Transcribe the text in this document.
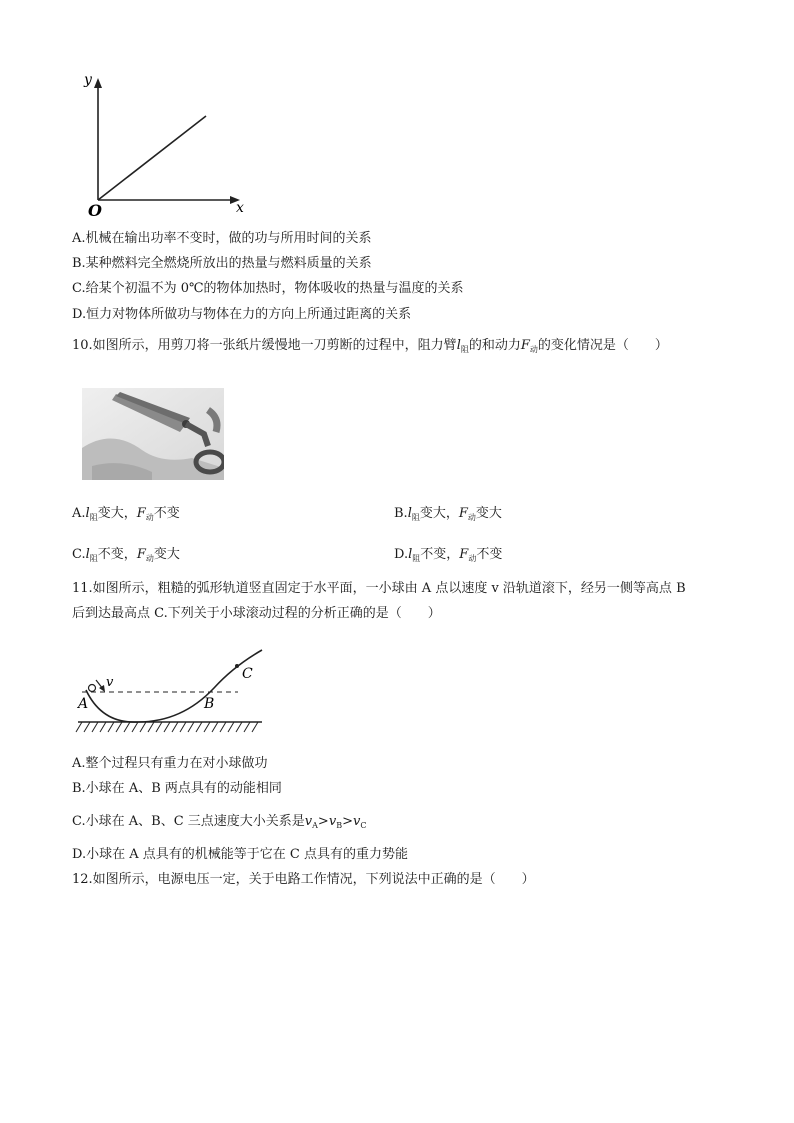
y
x
O
A.机械在输出功率不变时，做的功与所用时间的关系
B.某种燃料完全燃烧所放出的热量与燃料质量的关系
C.给某个初温不为 0℃的物体加热时，物体吸收的热量与温度的关系
D.恒力对物体所做功与物体在力的方向上所通过距离的关系
10.如图所示，用剪刀将一张纸片缓慢地一刀剪断的过程中，阻力臂$l_阻$的和动力$F_动$的变化情况是（　　）
$A.l_阻$变大，$F_动$不变	$B.l_阻$变大，$F_动$变大
$C.l_阻$不变，$F_动$变大	$D.l_阻$不变，$F_动$不变
11.如图所示，粗糙的弧形轨道竖直固定于水平面，一小球由 A 点以速度 v 沿轨道滚下，经另一侧等高点 B
后到达最高点 C.下列关于小球滚动过程的分析正确的是（　　）
v
A	B
C
A.整个过程只有重力在对小球做功
B.小球在 A、B 两点具有的动能相同
C.小球在 A、B、C 三点速度大小关系是$v_A>v_B>v_C$
D.小球在 A 点具有的机械能等于它在 C 点具有的重力势能
12.如图所示，电源电压一定，关于电路工作情况，下列说法中正确的是（　　）
